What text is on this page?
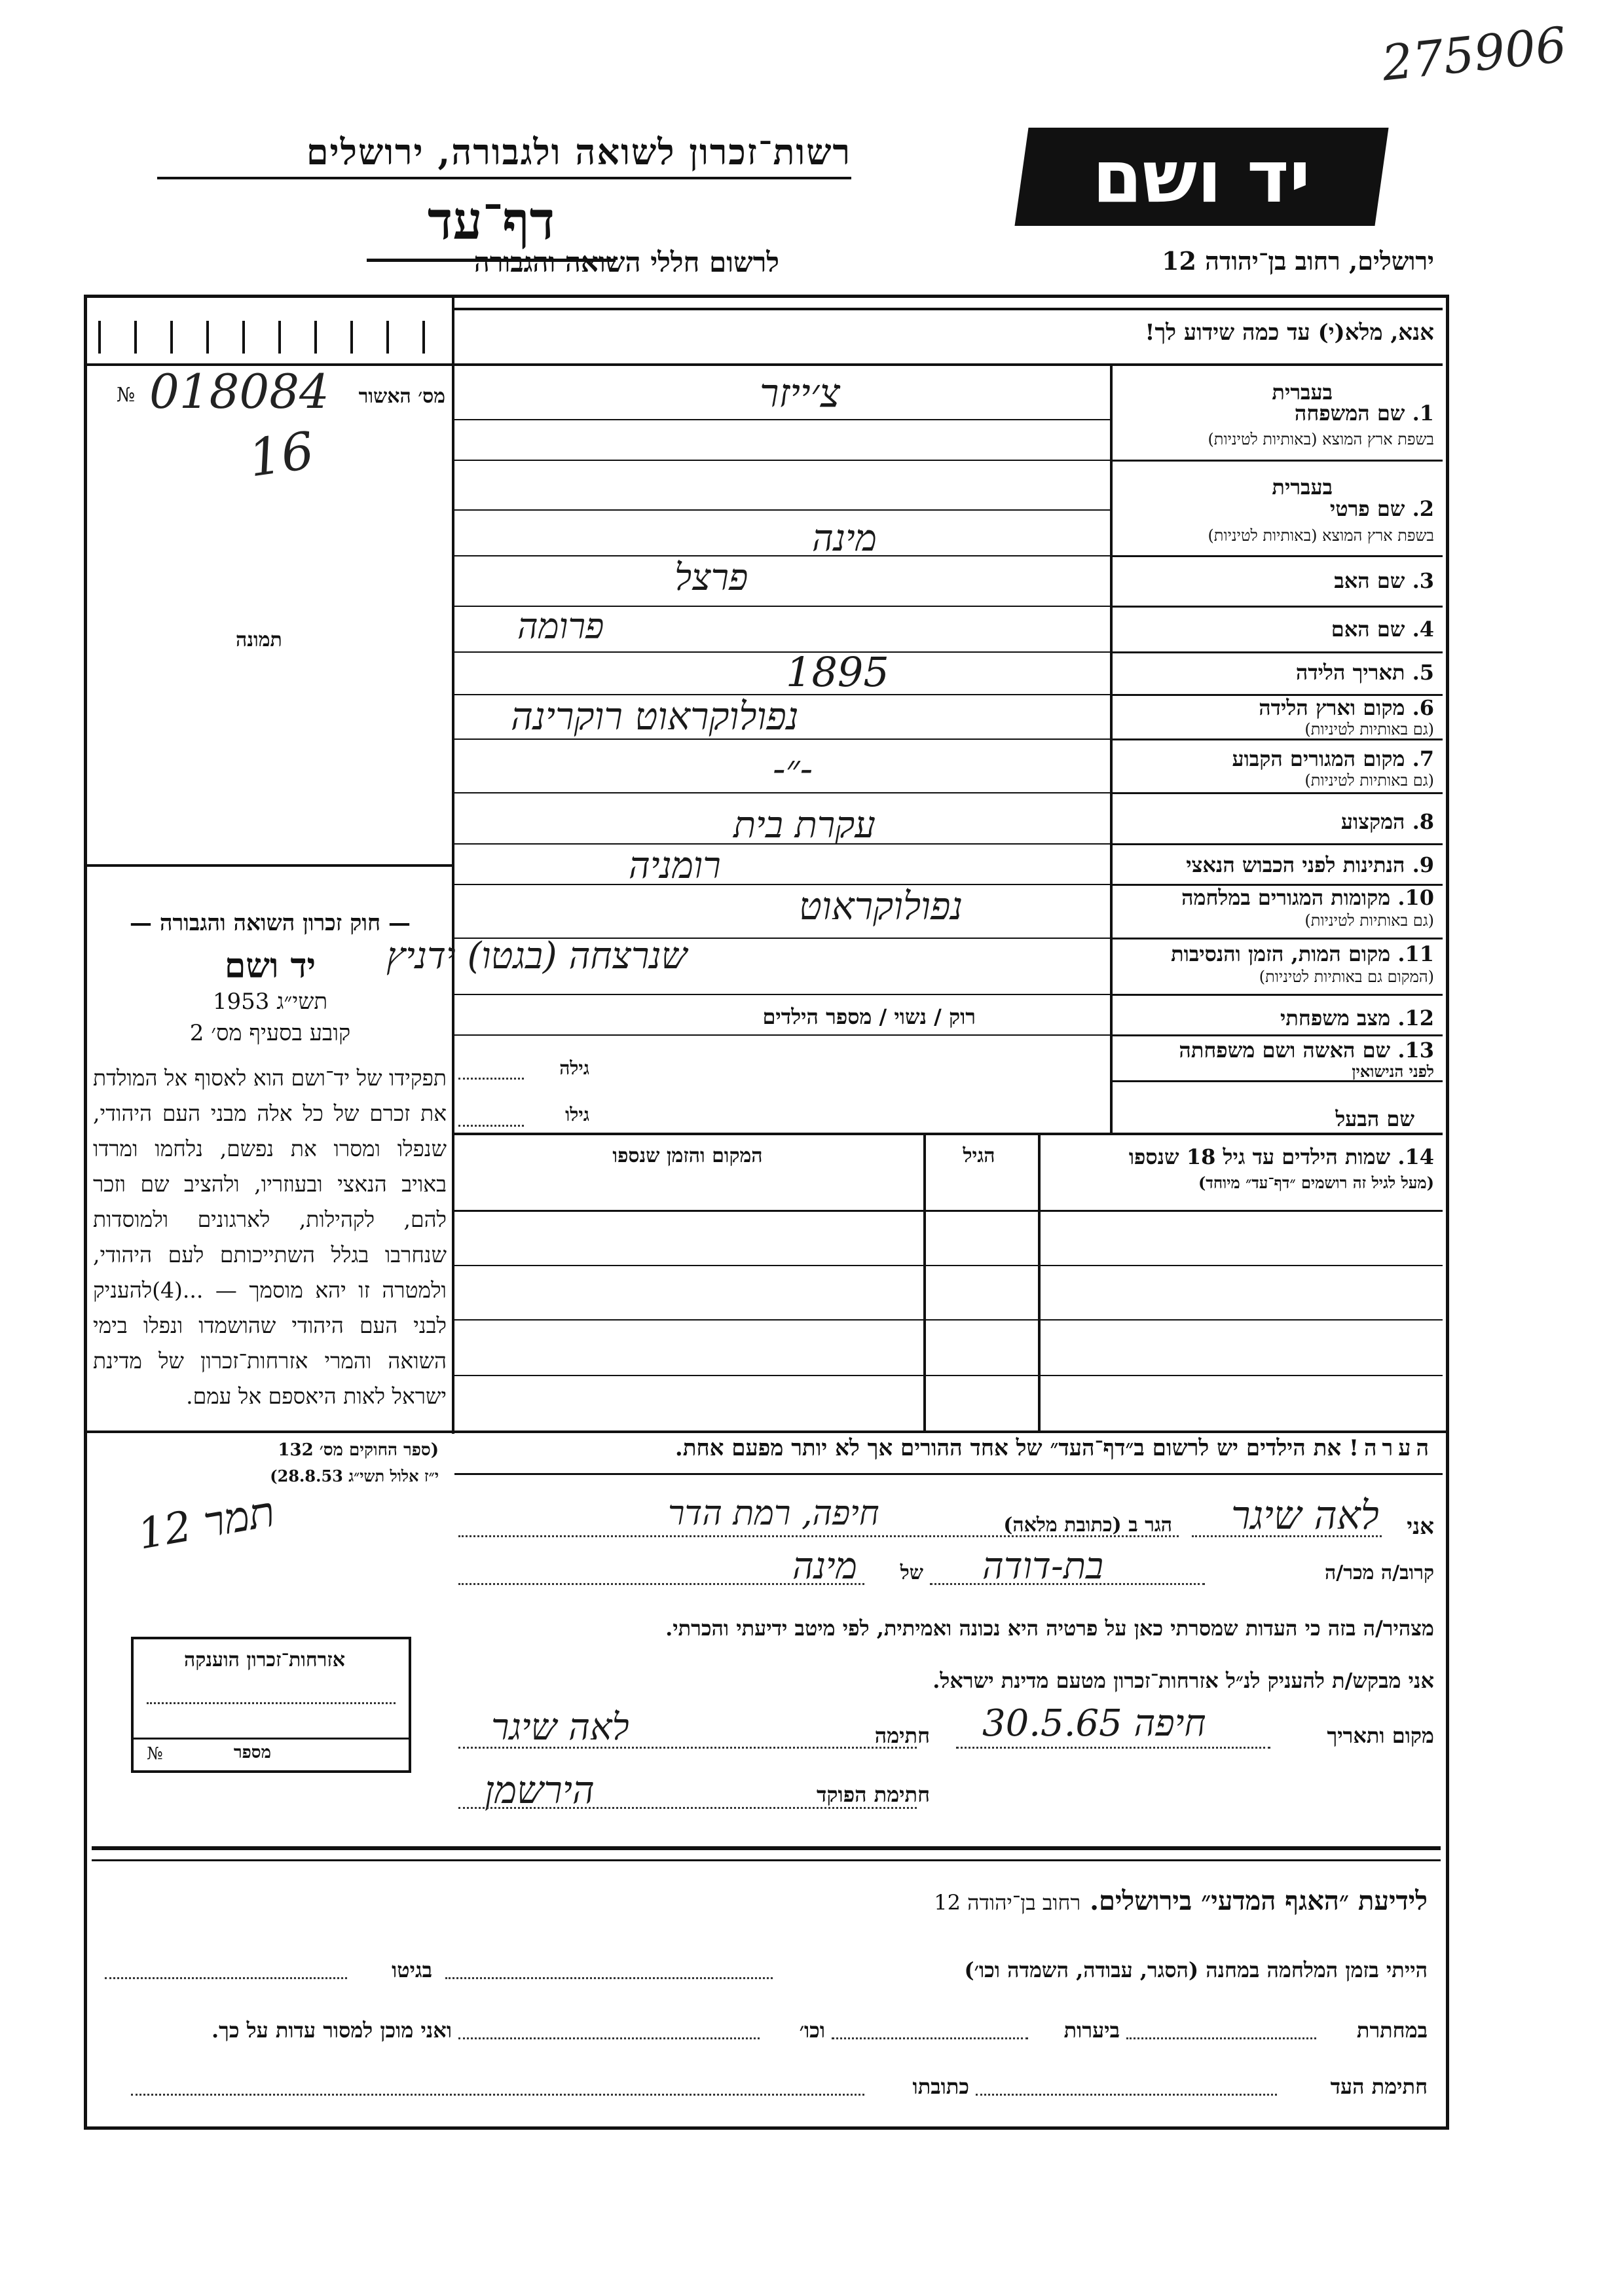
275906
רשות־זכרון לשואה ולגבורה, ירושלים
דף־עד
לרשום חללי השואה והגבורה
יד ושם
ירושלים, רחוב בן־יהודה 12
אנא, מלא(י) עד כמה שידוע לך!
№	מס׳ האשור
018084
16
תמונה
— חוק זכרון השואה והגבורה —
יד ושם
תשי״ג 1953
קובע בסעיף מס׳ 2
תפקידו של יד־ושם הוא לאסוף אל המולדת את זכרם של כל אלה מבני העם היהודי, שנפלו ומסרו את נפשם, נלחמו ומרדו באויב הנאצי ובעוזריו, ולהציב שם וזכר להם, לקהילות, לארגונים ולמוסדות שנחרבו בגלל השתייכותם לעם היהודי, ולמטרה זו יהא מוסמך — ...(4)להעניק לבני העם היהודי שהושמדו ונפלו בימי השואה והמרי אזרחות־זכרון של מדינת ישראל לאות היאספם אל עמם.
(ספר החוקים מס׳ 132
י״ז אלול תשי״ג 28.8.53)
בעברית
1. שם המשפחה
בשפת ארץ המוצא (באותיות לטיניות)
צ׳ייזר
בעברית
2. שם פרטי
בשפת ארץ המוצא (באותיות לטיניות)
מינה
3. שם האב
פרצל
4. שם האם
פרומה
5. תאריך הלידה
1895
6. מקום וארץ הלידה
(גם באותיות לטיניות)
נפולוקראוט רוקרינה
7. מקום המגורים הקבוע
(גם באותיות לטיניות)
-״-
8. המקצוע
עקרת בית
9. הנתינות לפני הכבוש הנאצי
רומניה
10. מקומות המגורים במלחמה
(גם באותיות לטיניות)
נפולוקראוט
11. מקום המות, הזמן והנסיבות
(המקום גם באותיות לטיניות)
שנרצחה (בגטו) ידניץ
12. מצב משפחתי
רוק / נשוי / מספר הילדים
13. שם האשה ושם משפחתה
לפני הנישואין
גילה
שם הבעל
גילו
14. שמות הילדים עד גיל 18 שנספו
(מעל לגיל זה רושמים ״דף־עד״ מיוחד)
הגיל
המקום והזמן שנספו
הערה! את הילדים יש לרשום ב״דף־העד״ של אחד ההורים אך לא יותר מפעם אחת.
אני
לאה שיגר
הגר ב (כתובת מלאה)
חיפה, רמת הדר
תמר 12
קרוב/ה מכר/ה
בת-דודה
של
מינה
מצהיר/ה בזה כי העדות שמסרתי כאן על פרטיה היא נכונה ואמיתית, לפי מיטב ידיעתי והכרתי.
אני מבקש/ת להעניק לנ״ל אזרחות־זכרון מטעם מדינת ישראל.
מקום ותאריך
חיפה 30.5.65
חתימה
לאה שיגר
חתימת הפוקד
הירשמן
אזרחות־זכרון הוענקה
מספר
№
לידיעת ״האגף המדעי״ בירושלים. רחוב בן־יהודה 12
הייתי בזמן המלחמה במחנה (הסגר, עבודה, השמדה וכו׳)
בגיטו
במחתרת
ביערות
וכו׳
ואני מוכן למסור עדות על כך.
חתימת העד
כתובתו
